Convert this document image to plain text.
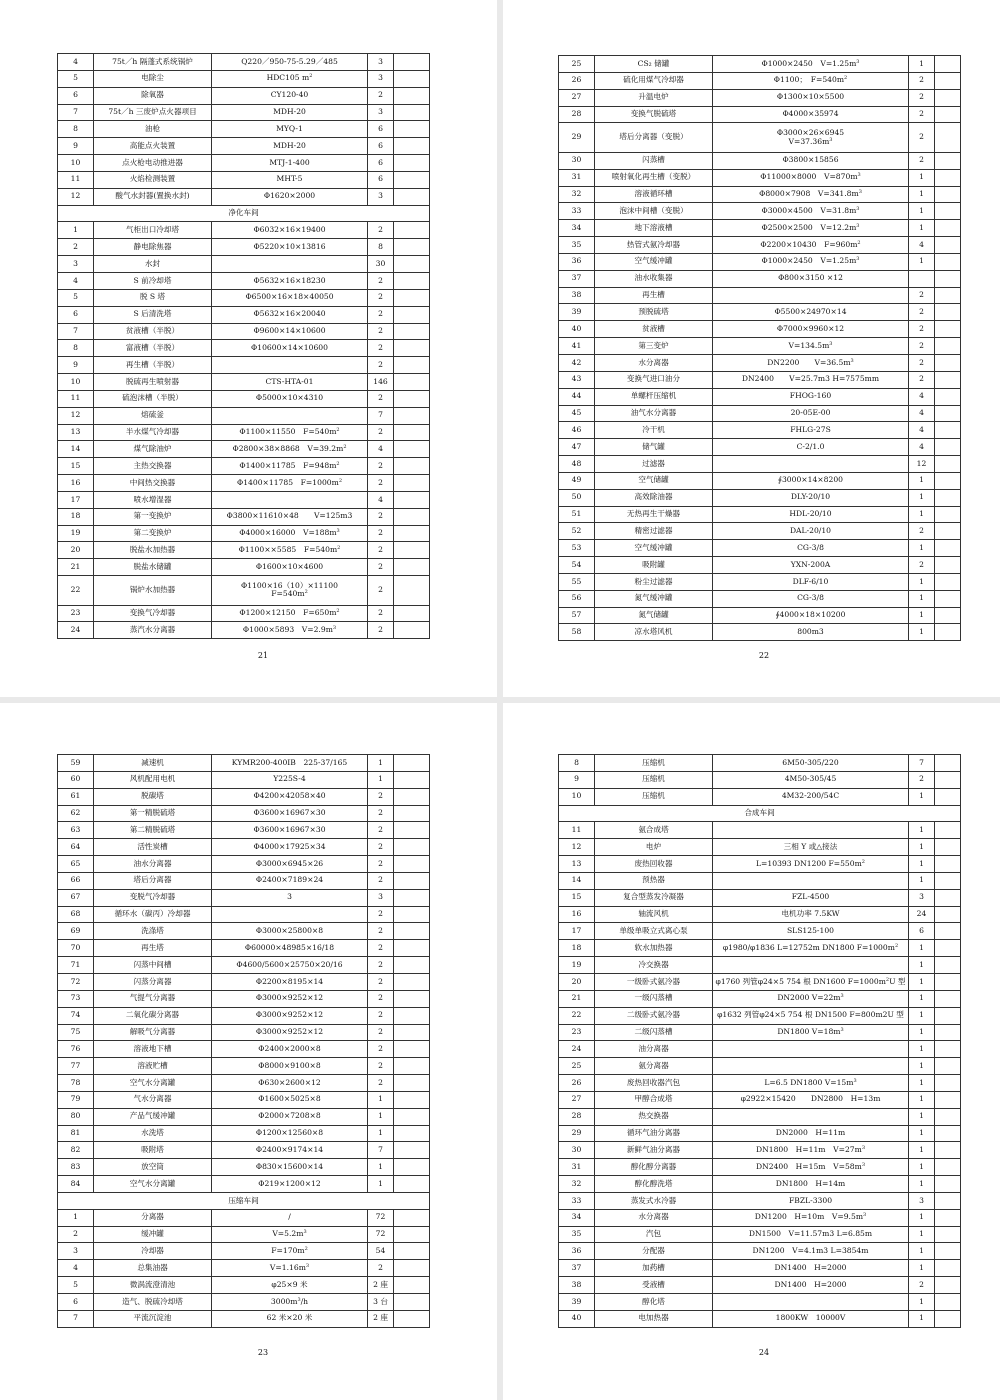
4	75t／h 隔蓬式系统锅炉	Q220／950-75-5.29／485	3	
5	电除尘	HDC105 $m^2$	3	
6	除氧器	CY120-40	2	
7	75t／h 三废炉点火器项目	MDH-20	3	
8	油枪	MYQ-1	6	
9	高能点火装置	MDH-20	6	
10	点火枪电动推进器	MTJ-1-400	6	
11	火焰检测装置	MHT-5	6	
12	酸气水封器(置换水封)	Φ1620×2000	3	
净化车间				
1	气柜出口冷却塔	Φ6032×16×19400	2	
2	静电除焦器	Φ5220×10×13816	8	
3	水封		30	
4	S 前冷却塔	Φ5632×16×18230	2	
5	脱 S 塔	Φ6500×16×18×40050	2	
6	S 后清洗塔	Φ5632×16×20040	2	
7	贫液槽（半脱）	Φ9600×14×10600	2	
8	富液槽（半脱）	Φ10600×14×10600	2	
9	再生槽（半脱）		2	
10	脱硫再生喷射器	CTS-HTA-01	146	
11	硫泡沫槽（半脱）	Φ5000×10×4310	2	
12	熔硫釜		7	
13	半水煤气冷却器	Φ1100×11550　$F=540m^2$	2	
14	煤气除油炉	Φ2800×38×8868　$V=39.2m^2$	4	
15	主热交换器	Φ1400×11785　$F=948m^2$	2	
16	中间热交换器	Φ1400×11785　$F=1000m^2$	2	
17	喷水增湿器		4	
18	第一变换炉	Φ3800×11610×48　　V=125m3	2	
19	第二变换炉	Φ4000×16000　$V=188m^3$	2	
20	脱盐水加热器	Φ1100××5585　$F=540m^2$	2	
21	脱盐水储罐	Φ1600×10×4600	2	
22	锅炉水加热器	Φ1100×16（10）×11100
$F=540m^2$	2	
23	变换气冷却器	Φ1200×12150　$F=650m^2$	2	
24	蒸汽水分离器	Φ1000×5893　$V=2.9m^3$	2	
21
25	CS₂ 储罐	Φ1000×2450　$V=1.25m^3$	1	
26	硫化用煤气冷却器	Φ1100；　$F=540m^2$	2	
27	升温电炉	Φ1300×10×5500	2	
28	变换气脱硫塔	Φ4000×35974	2	
29	塔后分离器（变脱）	Φ3000×26×6945
$V=37.36m^3$	2	
30	闪蒸槽	Φ3800×15856	2	
31	喷射氧化再生槽（变脱）	Φ11000×8000　$V=870m^3$	1	
32	溶液循环槽	Φ8000×7908　$V=341.8m^3$	1	
33	泡沫中间槽（变脱）	Φ3000×4500　$V=31.8m^3$	1	
34	地下溶液槽	Φ2500×2500　$V=12.2m^3$	1	
35	热管式氨冷却器	Φ2200×10430　$F=960m^2$	4	
36	空气缓冲罐	Φ1000×2450　$V=1.25m^3$	1	
37	油水收集器	Φ800×3150 ×12		
38	再生槽		2	
39	预脱硫塔	Φ5500×24970×14	2	
40	贫液槽	Φ7000×9960×12	2	
41	第三变炉	$V=134.5m^3$	2	
42	水分离器	DN2200　　$V=36.5m^3$	2	
43	变换气进口油分	DN2400　　V=25.7m3 H=7575mm	2	
44	单螺杆压缩机	FHOG-160	4	
45	油气水分离器	20-05E-00	4	
46	冷干机	FHLG-27S	4	
47	储气罐	C-2/1.0	4	
48	过滤器		12	
49	空气储罐	∮3000×14×8200	1	
50	高效除油器	DLY-20/10	1	
51	无热再生干燥器	HDL-20/10	1	
52	精密过滤器	DAL-20/10	2	
53	空气缓冲罐	CG-3/8	1	
54	吸附罐	YXN-200A	2	
55	粉尘过滤器	DLF-6/10	1	
56	氮气缓冲罐	CG-3/8	1	
57	氮气储罐	∮4000×18×10200	1	
58	凉水塔风机	800m3	1	
22
59	减速机	KYMR200-400IB　225-37/165	1	
60	风机配用电机	Y225S-4	1	
61	脱碳塔	Φ4200×42058×40	2	
62	第一精脱硫塔	Φ3600×16967×30	2	
63	第二精脱硫塔	Φ3600×16967×30	2	
64	活性炭槽	Φ4000×17925×34	2	
65	油水分离器	Φ3000×6945×26	2	
66	塔后分离器	Φ2400×7189×24	2	
67	变脱气冷却器	3	3	
68	循环水（碳丙）冷却器		2	
69	洗涤塔	Φ3000×25800×8	2	
70	再生塔	Φ60000×48985×16/18	2	
71	闪蒸中间槽	Φ4600/5600×25750×20/16	2	
72	闪蒸分离器	Φ2200×8195×14	2	
73	气提气分离器	Φ3000×9252×12	2	
74	二氧化碳分离器	Φ3000×9252×12	2	
75	解吸气分离器	Φ3000×9252×12	2	
76	溶液地下槽	Φ2400×2000×8	2	
77	溶液贮槽	Φ8000×9100×8	2	
78	空气水分离罐	Φ630×2600×12	2	
79	气水分离器	Φ1600×5025×8	1	
80	产品气缓冲罐	Φ2000×7208×8	1	
81	水洗塔	Φ1200×12560×8	1	
82	吸附塔	Φ2400×9174×14	7	
83	放空筒	Φ830×15600×14	1	
84	空气水分离罐	Φ219×1200×12	1	
压缩车间				
1	分离器	/	72	
2	缓冲罐	$V=5.2m^3$	72	
3	冷却器	$F=170m^2$	54	
4	总集油器	$V=1.16m^3$	2	
5	微涡流澄清池	φ25×9 米	2 座	
6	造气、脱硫冷却塔	$3000m^3/h$	3 台	
7	平流沉淀池	62 米×20 米	2 座	
23
8	压缩机	6M50-305/220	7	
9	压缩机	4M50-305/45	2	
10	压缩机	4M32-200/54C	1	
合成车间				
11	氨合成塔		1	
12	电炉	三相 Y 或△接法	1	
13	废热回收器	L=10393 DN1200 $F=550m^2$	1	
14	预热器		1	
15	复合型蒸发冷凝器	FZL-4500	3	
16	轴流风机	电机功率 7.5KW	24	
17	单级单吸立式离心泵	SLS125-100	6	
18	软水加热器	φ1980/φ1836 L=12752m DN1800 $F=1000m^2$	1	
19	冷交换器		1	
20	一级卧式氨冷器	φ1760 列管φ24×5 754 根 DN1600 $F=1000m^2U$ 型	1	
21	一级闪蒸槽	DN2000 $V=22m^3$	1	
22	二级卧式氨冷器	φ1632 列管φ24×5 754 根 DN1500 F=800m2U 型	1	
23	二级闪蒸槽	DN1800 $V=18m^3$	1	
24	油分离器		1	
25	氨分离器		1	
26	废热回收器汽包	L=6.5 DN1800 $V=15m^3$	1	
27	甲醇合成塔	φ2922×15420　　DN2800　H=13m	1	
28	热交换器		1	
29	循环气油分离器	DN2000　H=11m	1	
30	新鲜气油分离器	DN1800　H=11m　$V=27m^3$	1	
31	醇化醇分离器	DN2400　H=15m　$V=58m^3$	1	
32	醇化醇洗塔	DN1800　H=14m	1	
33	蒸发式水冷器	FBZL-3300	3	
34	水分离器	DN1200　H=10m　$V=9.5m^3$	1	
35	汽包	DN1500　V=11.57m3 L=6.85m	1	
36	分配器	DN1200　V=4.1m3 L=3854m	1	
37	加药槽	DN1400　H=2000	1	
38	受液槽	DN1400　H=2000	2	
39	醇化塔		1	
40	电加热器	1800KW　10000V	1	
24
